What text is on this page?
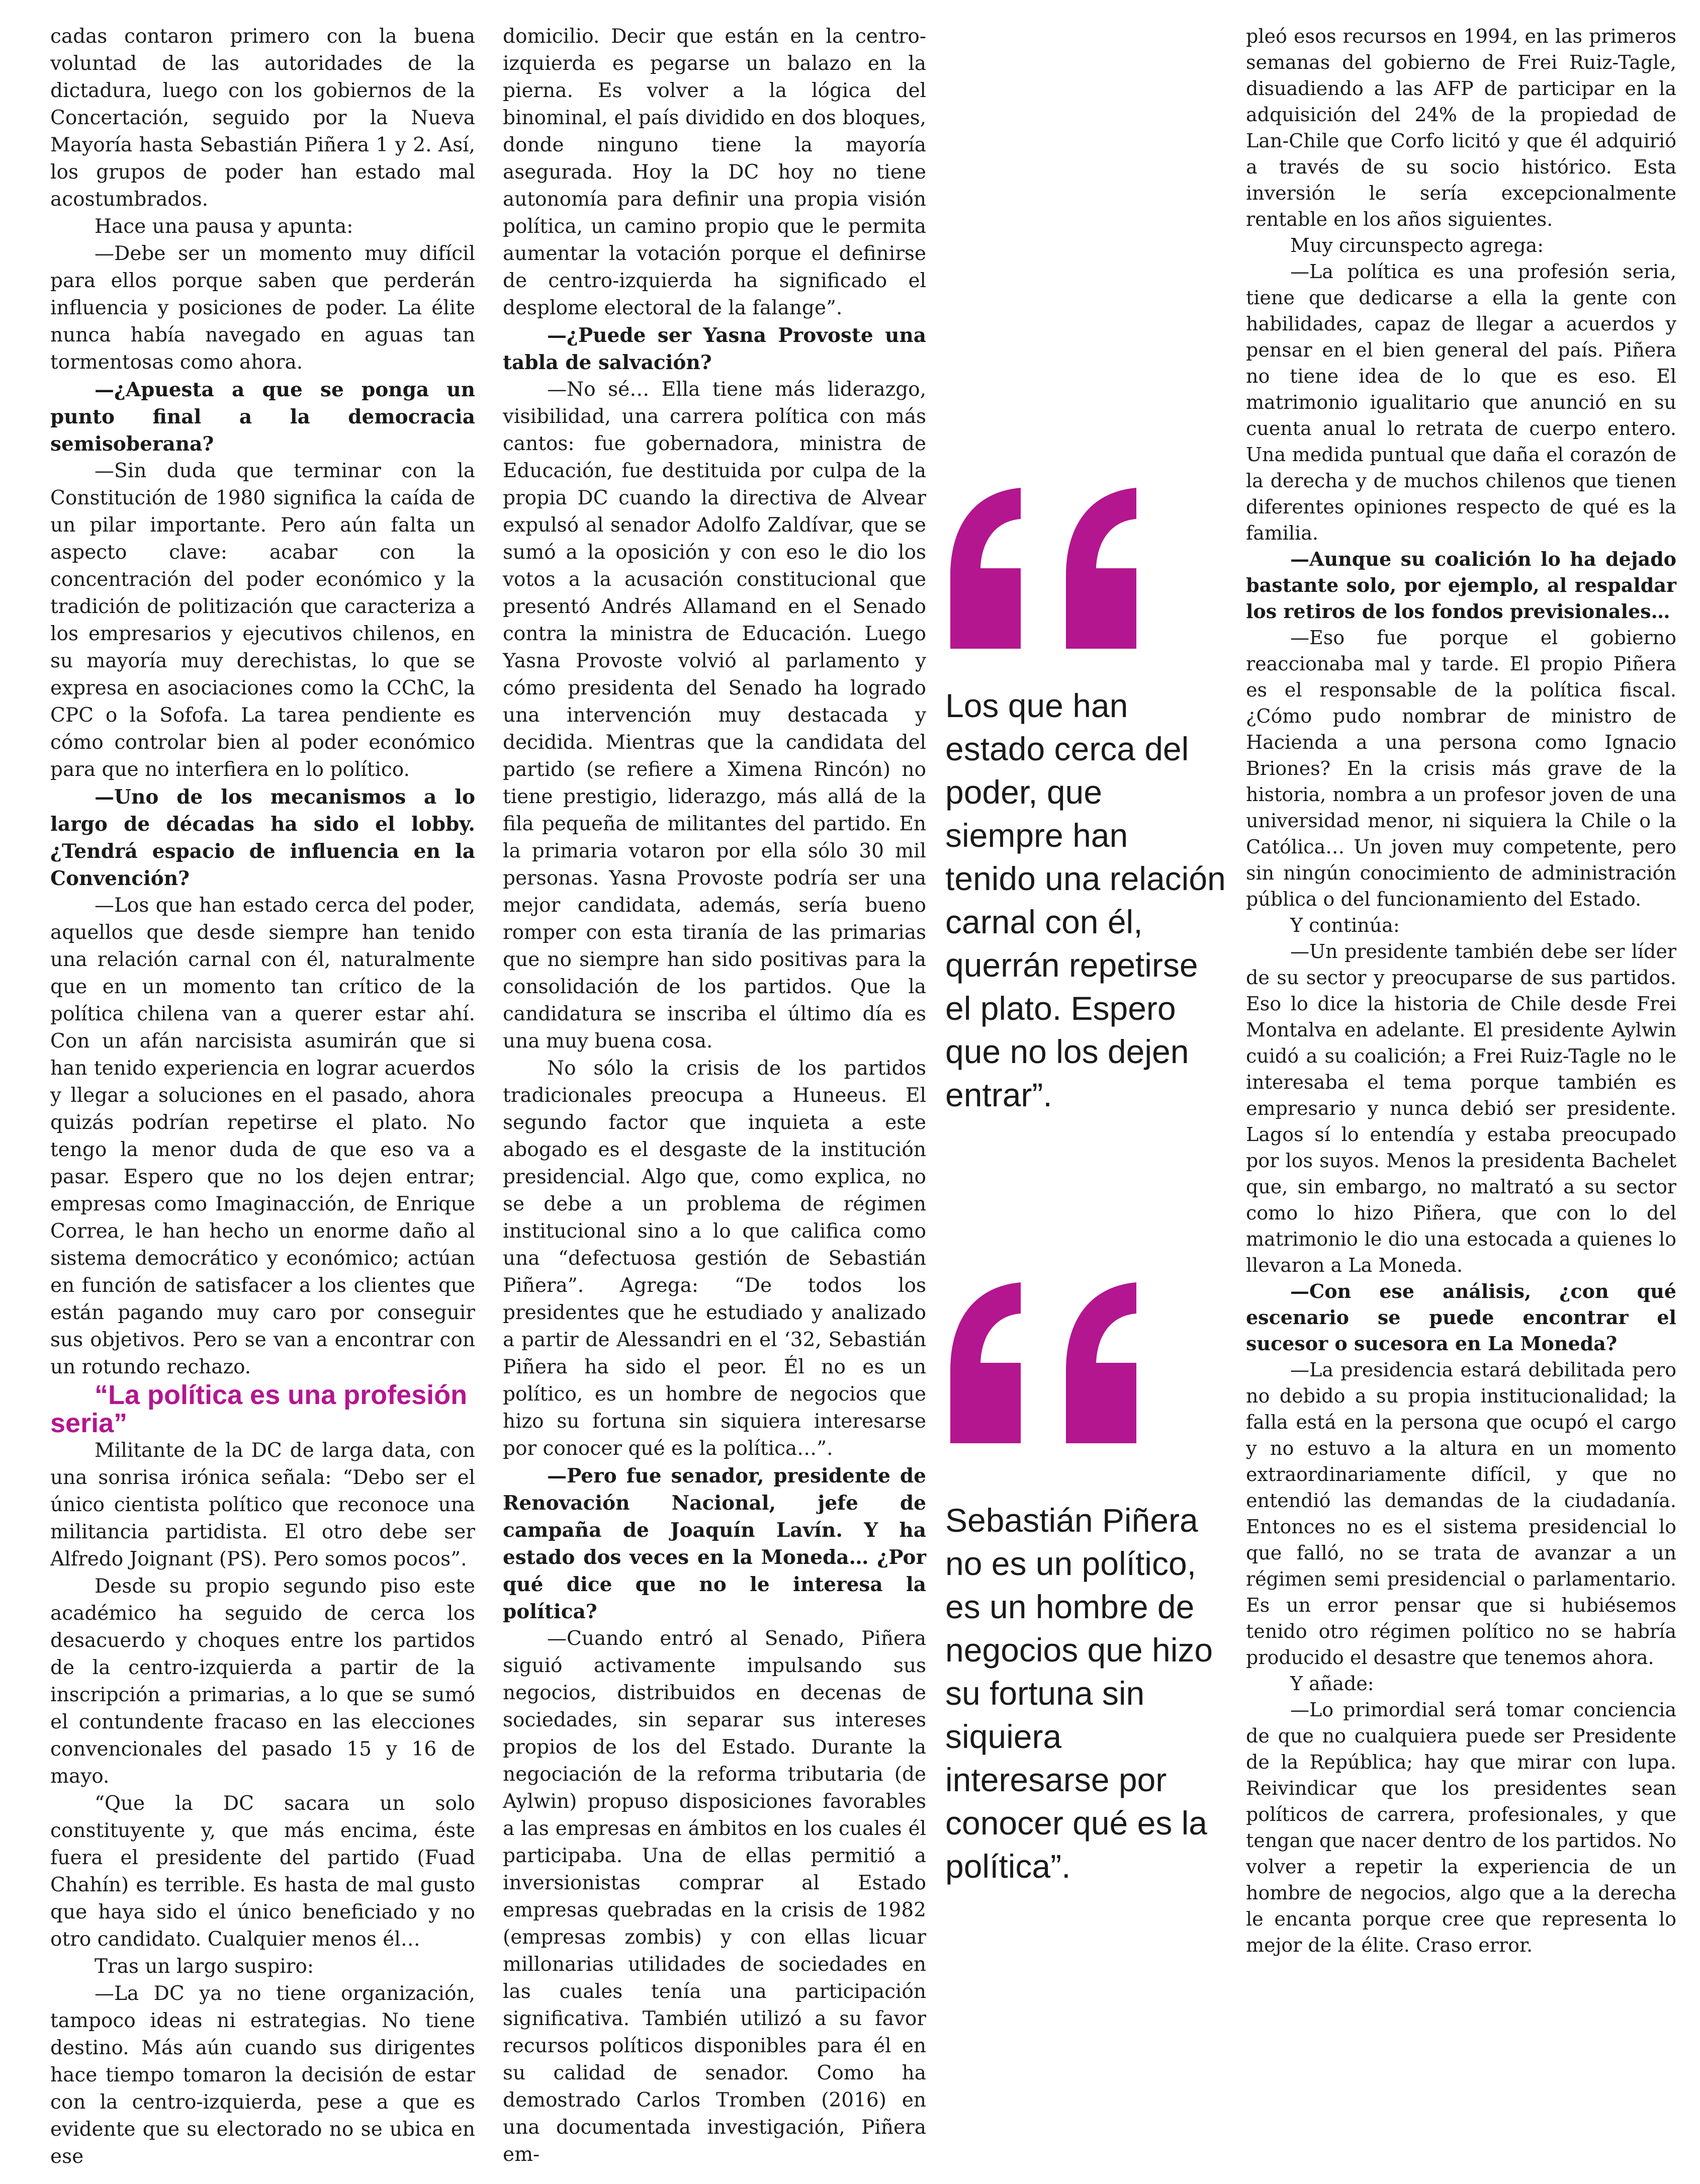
cadas contaron primero con la buena voluntad de las autoridades de la dictadura, luego con los gobiernos de la Concertación, seguido por la Nueva Mayoría hasta Sebastián Piñera 1 y 2. Así, los grupos de poder han estado mal acostumbrados.

Hace una pausa y apunta:

—Debe ser un momento muy difícil para ellos porque saben que perderán influencia y posiciones de poder. La élite nunca había navegado en aguas tan tormentosas como ahora.

—¿Apuesta a que se ponga un punto final a la democracia semisoberana?

—Sin duda que terminar con la Constitución de 1980 significa la caída de un pilar importante. Pero aún falta un aspecto clave: acabar con la concentración del poder económico y la tradición de politización que caracteriza a los empresarios y ejecutivos chilenos, en su mayoría muy derechistas, lo que se expresa en asociaciones como la CChC, la CPC o la Sofofa. La tarea pendiente es cómo controlar bien al poder económico para que no interfiera en lo político.

—Uno de los mecanismos a lo largo de décadas ha sido el lobby. ¿Tendrá espacio de influencia en la Convención?

—Los que han estado cerca del poder, aquellos que desde siempre han tenido una relación carnal con él, naturalmente que en un momento tan crítico de la política chilena van a querer estar ahí. Con un afán narcisista asumirán que si han tenido experiencia en lograr acuerdos y llegar a soluciones en el pasado, ahora quizás podrían repetirse el plato. No tengo la menor duda de que eso va a pasar. Espero que no los dejen entrar; empresas como Imaginacción, de Enrique Correa, le han hecho un enorme daño al sistema democrático y económico; actúan en función de satisfacer a los clientes que están pagando muy caro por conseguir sus objetivos. Pero se van a encontrar con un rotundo rechazo.

“La política es una profesión seria”

Militante de la DC de larga data, con una sonrisa irónica señala: “Debo ser el único cientista político que reconoce una militancia partidista. El otro debe ser Alfredo Joignant (PS). Pero somos pocos”.

Desde su propio segundo piso este académico ha seguido de cerca los desacuerdo y choques entre los partidos de la centro-izquierda a partir de la inscripción a primarias, a lo que se sumó el contundente fracaso en las elecciones convencionales del pasado 15 y 16 de mayo.

“Que la DC sacara un solo constituyente y, que más encima, éste fuera el presidente del partido (Fuad Chahín) es terrible. Es hasta de mal gusto que haya sido el único beneficiado y no otro candidato. Cualquier menos él…

Tras un largo suspiro:

—La DC ya no tiene organización, tampoco ideas ni estrategias. No tiene destino. Más aún cuando sus dirigentes hace tiempo tomaron la decisión de estar con la centro-izquierda, pese a que es evidente que su electorado no se ubica en ese

domicilio. Decir que están en la centro-izquierda es pegarse un balazo en la pierna. Es volver a la lógica del binominal, el país dividido en dos bloques, donde ninguno tiene la mayoría asegurada. Hoy la DC hoy no tiene autonomía para definir una propia visión política, un camino propio que le permita aumentar la votación porque el definirse de centro-izquierda ha significado el desplome electoral de la falange”.

—¿Puede ser Yasna Provoste una tabla de salvación?

—No sé… Ella tiene más liderazgo, visibilidad, una carrera política con más cantos: fue gobernadora, ministra de Educación, fue destituida por culpa de la propia DC cuando la directiva de Alvear expulsó al senador Adolfo Zaldívar, que se sumó a la oposición y con eso le dio los votos a la acusación constitucional que presentó Andrés Allamand en el Senado contra la ministra de Educación. Luego Yasna Provoste volvió al parlamento y cómo presidenta del Senado ha logrado una intervención muy destacada y decidida. Mientras que la candidata del partido (se refiere a Ximena Rincón) no tiene prestigio, liderazgo, más allá de la fila pequeña de militantes del partido. En la primaria votaron por ella sólo 30 mil personas. Yasna Provoste podría ser una mejor candidata, además, sería bueno romper con esta tiranía de las primarias que no siempre han sido positivas para la consolidación de los partidos. Que la candidatura se inscriba el último día es una muy buena cosa.

No sólo la crisis de los partidos tradicionales preocupa a Huneeus. El segundo factor que inquieta a este abogado es el desgaste de la institución presidencial. Algo que, como explica, no se debe a un problema de régimen institucional sino a lo que califica como una “defectuosa gestión de Sebastián Piñera”. Agrega: “De todos los presidentes que he estudiado y analizado a partir de Alessandri en el ‘32, Sebastián Piñera ha sido el peor. Él no es un político, es un hombre de negocios que hizo su fortuna sin siquiera interesarse por conocer qué es la política…”.

—Pero fue senador, presidente de Renovación Nacional, jefe de campaña de Joaquín Lavín. Y ha estado dos veces en la Moneda… ¿Por qué dice que no le interesa la política?

—Cuando entró al Senado, Piñera siguió activamente impulsando sus negocios, distribuidos en decenas de sociedades, sin separar sus intereses propios de los del Estado. Durante la negociación de la reforma tributaria (de Aylwin) propuso disposiciones favorables a las empresas en ámbitos en los cuales él participaba. Una de ellas permitió a inversionistas comprar al Estado empresas quebradas en la crisis de 1982 (empresas zombis) y con ellas licuar millonarias utilidades de sociedades en las cuales tenía una participación significativa. También utilizó a su favor recursos políticos disponibles para él en su calidad de senador. Como ha demostrado Carlos Tromben (2016) en una documentada investigación, Piñera em-

Los que han estado cerca del poder, que siempre han tenido una relación carnal con él, querrán repetirse el plato. Espero que no los dejen entrar”.

Sebastián Piñera no es un político, es un hombre de negocios que hizo su fortuna sin siquiera interesarse por conocer qué es la política”.

pleó esos recursos en 1994, en las primeros semanas del gobierno de Frei Ruiz-Tagle, disuadiendo a las AFP de participar en la adquisición del 24% de la propiedad de Lan-Chile que Corfo licitó y que él adquirió a través de su socio histórico. Esta inversión le sería excepcionalmente rentable en los años siguientes.

Muy circunspecto agrega:

—La política es una profesión seria, tiene que dedicarse a ella la gente con habilidades, capaz de llegar a acuerdos y pensar en el bien general del país. Piñera no tiene idea de lo que es eso. El matrimonio igualitario que anunció en su cuenta anual lo retrata de cuerpo entero. Una medida puntual que daña el corazón de la derecha y de muchos chilenos que tienen diferentes opiniones respecto de qué es la familia.

—Aunque su coalición lo ha dejado bastante solo, por ejemplo, al respaldar los retiros de los fondos previsionales…

—Eso fue porque el gobierno reaccionaba mal y tarde. El propio Piñera es el responsable de la política fiscal. ¿Cómo pudo nombrar de ministro de Hacienda a una persona como Ignacio Briones? En la crisis más grave de la historia, nombra a un profesor joven de una universidad menor, ni siquiera la Chile o la Católica… Un joven muy competente, pero sin ningún conocimiento de administración pública o del funcionamiento del Estado.

Y continúa:

—Un presidente también debe ser líder de su sector y preocuparse de sus partidos. Eso lo dice la historia de Chile desde Frei Montalva en adelante. El presidente Aylwin cuidó a su coalición; a Frei Ruiz-Tagle no le interesaba el tema porque también es empresario y nunca debió ser presidente. Lagos sí lo entendía y estaba preocupado por los suyos. Menos la presidenta Bachelet que, sin embargo, no maltrató a su sector como lo hizo Piñera, que con lo del matrimonio le dio una estocada a quienes lo llevaron a La Moneda.

—Con ese análisis, ¿con qué escenario se puede encontrar el sucesor o sucesora en La Moneda?

—La presidencia estará debilitada pero no debido a su propia institucionalidad; la falla está en la persona que ocupó el cargo y no estuvo a la altura en un momento extraordinariamente difícil, y que no entendió las demandas de la ciudadanía. Entonces no es el sistema presidencial lo que falló, no se trata de avanzar a un régimen semi presidencial o parlamentario. Es un error pensar que si hubiésemos tenido otro régimen político no se habría producido el desastre que tenemos ahora.

Y añade:

—Lo primordial será tomar conciencia de que no cualquiera puede ser Presidente de la República; hay que mirar con lupa. Reivindicar que los presidentes sean políticos de carrera, profesionales, y que tengan que nacer dentro de los partidos. No volver a repetir la experiencia de un hombre de negocios, algo que a la derecha le encanta porque cree que representa lo mejor de la élite. Craso error.
